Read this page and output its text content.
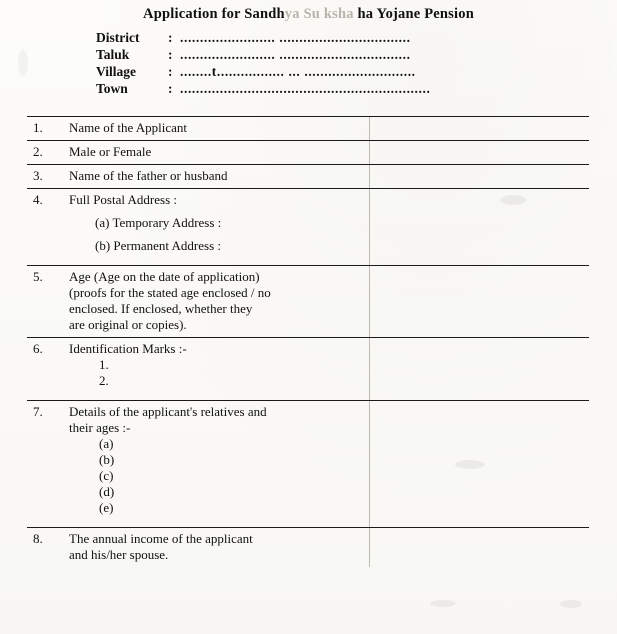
Application for Sandhya Su ksha ha Yojane Pension
District	: ........................ .................................
Taluk	: ........................ .................................
Village	: ........t................. ... ............................
Town	: ...............................................................
1.	Name of the Applicant
2.	Male or Female
3.	Name of the father or husband
4.	Full Postal Address :
(a) Temporary Address :
(b) Permanent Address :
5.	Age (Age on the date of application)
(proofs for the stated age enclosed / no
enclosed. If enclosed, whether they
are original or copies).
6.	Identification Marks :-
1.
2.
7.	Details of the applicant's relatives and
their ages :-
(a)
(b)
(c)
(d)
(e)
8.	The annual income of the applicant
and his/her spouse.
